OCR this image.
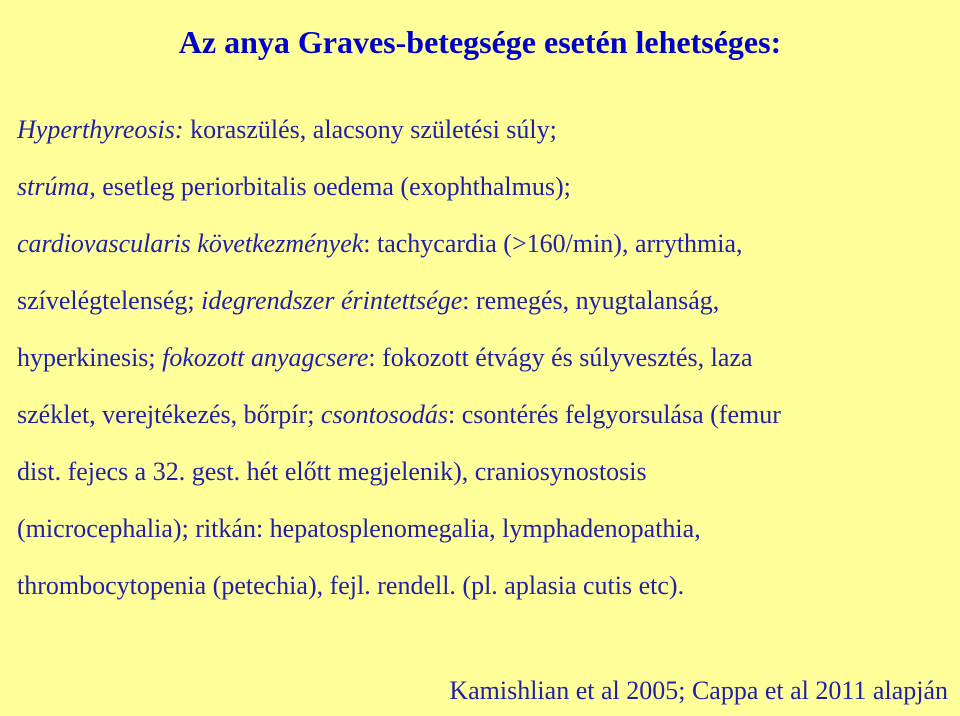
Az anya Graves-betegsége esetén lehetséges:
Hyperthyreosis: koraszülés, alacsony születési súly;
strúma, esetleg periorbitalis oedema (exophthalmus);
cardiovascularis következmények: tachycardia (>160/min), arrythmia,
szívelégtelenség; idegrendszer érintettsége: remegés, nyugtalanság,
hyperkinesis; fokozott anyagcsere: fokozott étvágy és súlyvesztés, laza
széklet, verejtékezés, bőrpír; csontosodás: csontérés felgyorsulása (femur
dist. fejecs a 32. gest. hét előtt megjelenik), craniosynostosis
(microcephalia); ritkán: hepatosplenomegalia, lymphadenopathia,
thrombocytopenia (petechia), fejl. rendell. (pl. aplasia cutis etc).

Kamishlian et al 2005; Cappa et al 2011 alapján
